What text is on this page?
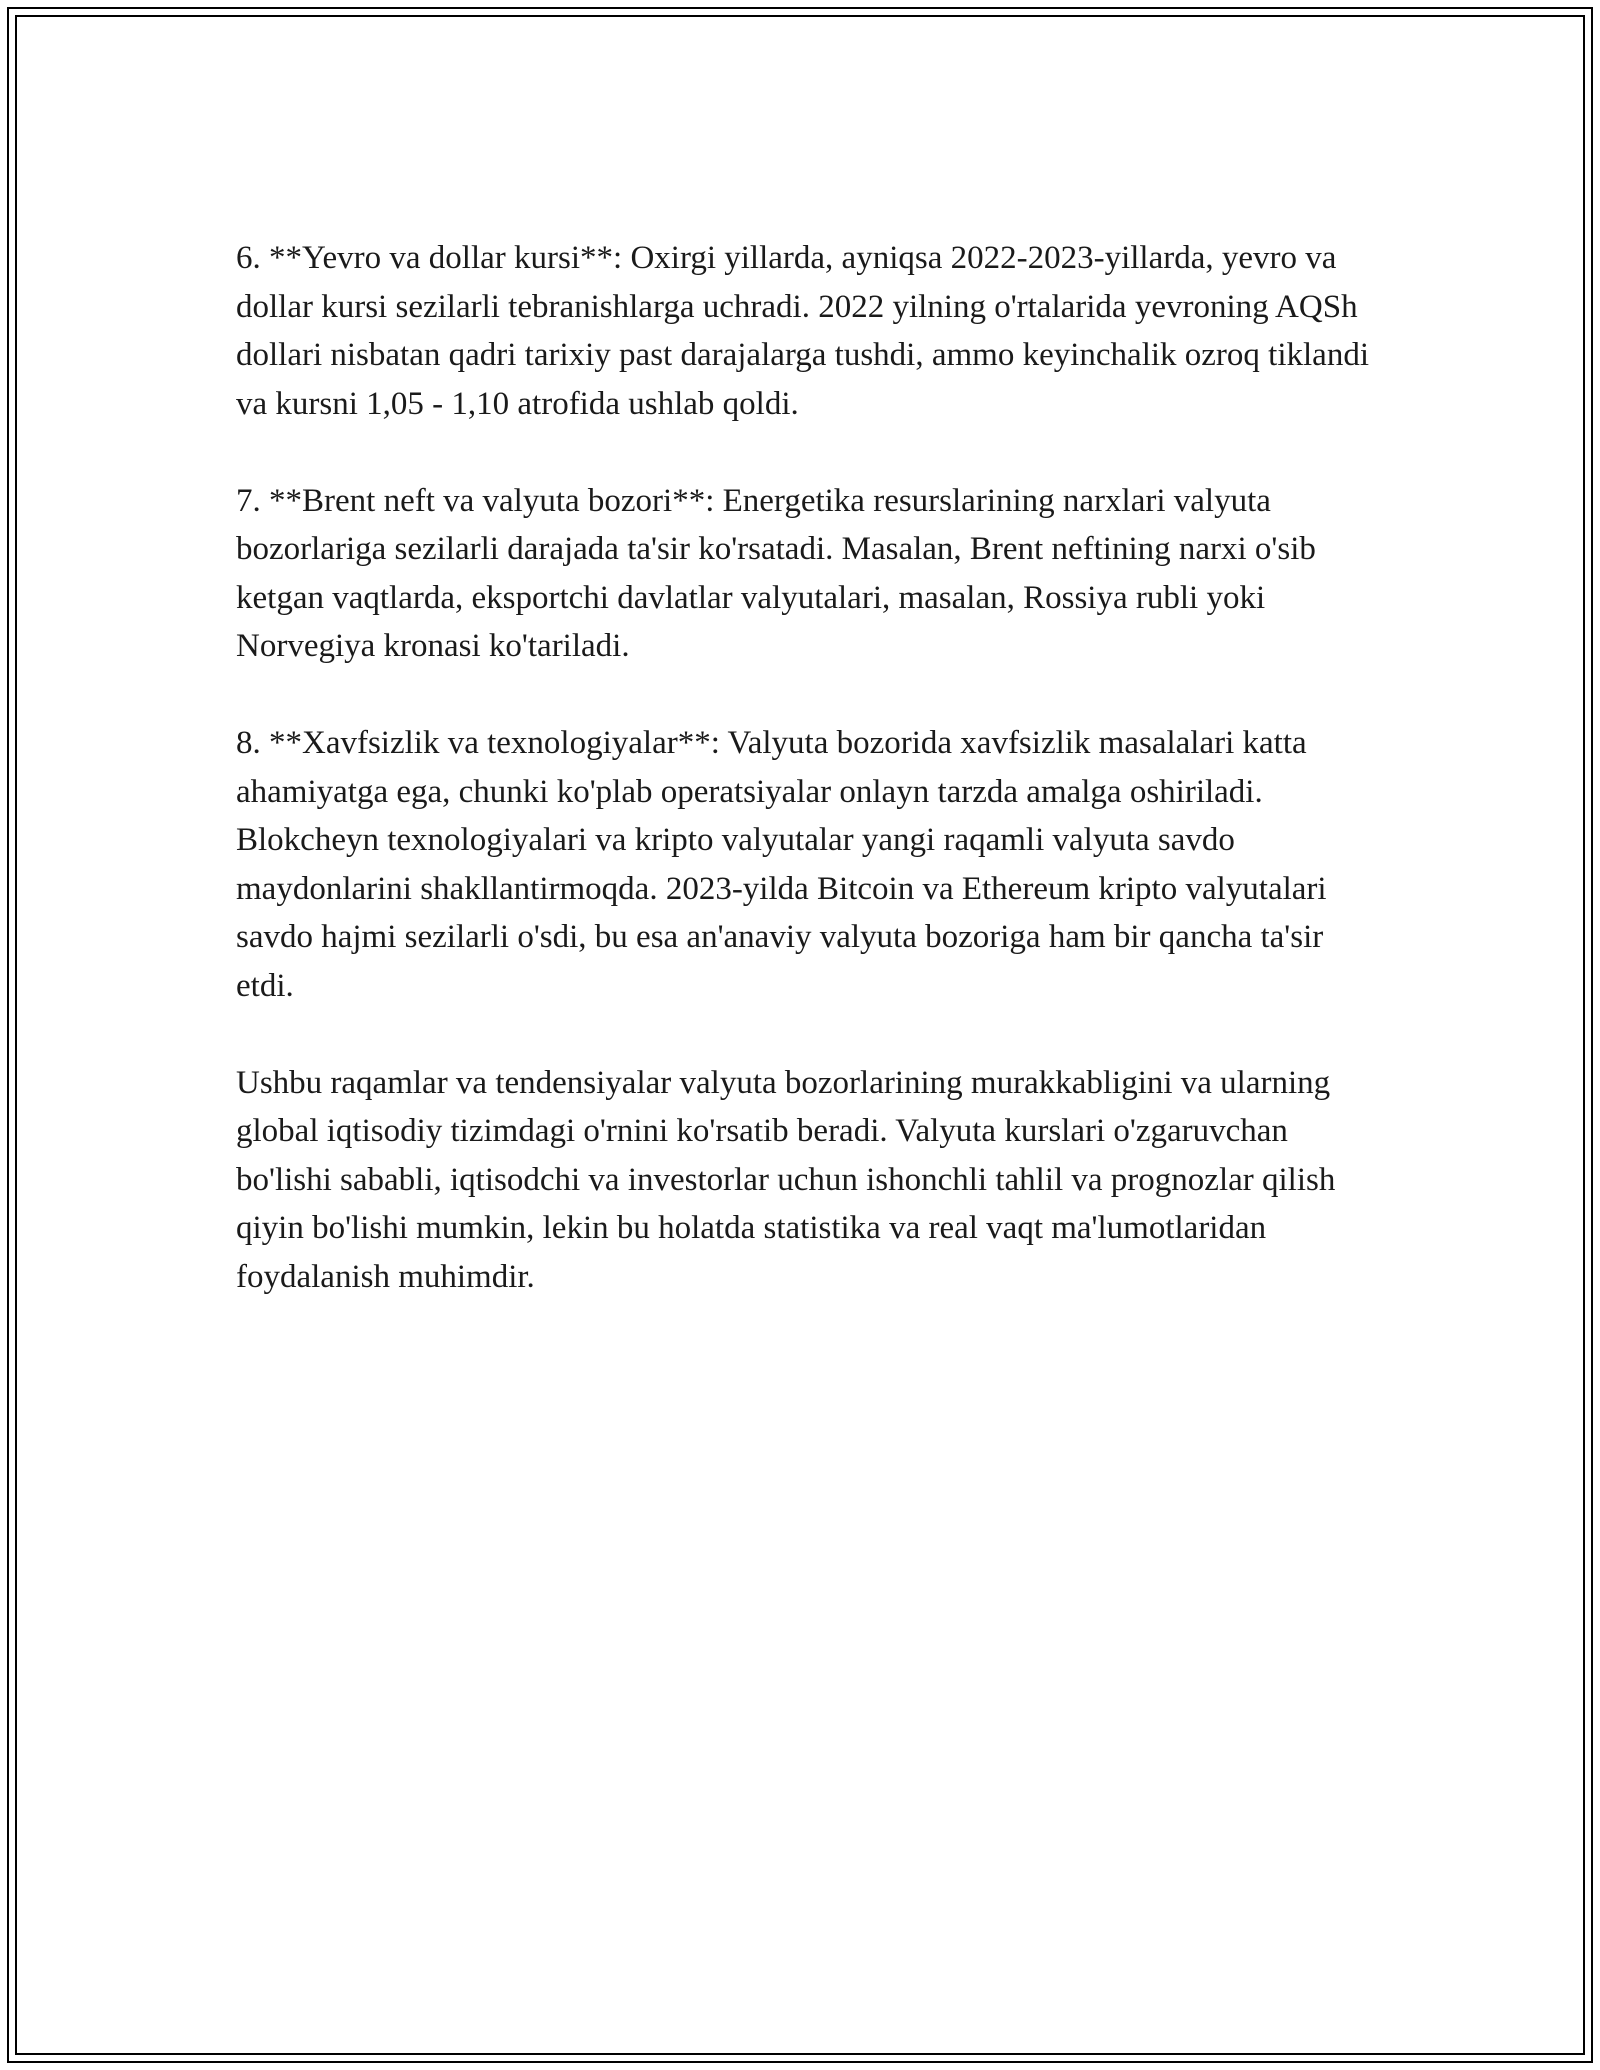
6. **Yevro va dollar kursi**: Oxirgi yillarda, ayniqsa 2022-2023-yillarda, yevro va dollar kursi sezilarli tebranishlarga uchradi. 2022 yilning o'rtalarida yevroning AQSh dollari nisbatan qadri tarixiy past darajalarga tushdi, ammo keyinchalik ozroq tiklandi va kursni 1,05 - 1,10 atrofida ushlab qoldi.

7. **Brent neft va valyuta bozori**: Energetika resurslarining narxlari valyuta bozorlariga sezilarli darajada ta'sir ko'rsatadi. Masalan, Brent neftining narxi o'sib ketgan vaqtlarda, eksportchi davlatlar valyutalari, masalan, Rossiya rubli yoki Norvegiya kronasi ko'tariladi.

8. **Xavfsizlik va texnologiyalar**: Valyuta bozorida xavfsizlik masalalari katta ahamiyatga ega, chunki ko'plab operatsiyalar onlayn tarzda amalga oshiriladi. Blokcheyn texnologiyalari va kripto valyutalar yangi raqamli valyuta savdo maydonlarini shakllantirmoqda. 2023-yilda Bitcoin va Ethereum kripto valyutalari savdo hajmi sezilarli o'sdi, bu esa an'anaviy valyuta bozoriga ham bir qancha ta'sir etdi.

Ushbu raqamlar va tendensiyalar valyuta bozorlarining murakkabligini va ularning global iqtisodiy tizimdagi o'rnini ko'rsatib beradi. Valyuta kurslari o'zgaruvchan bo'lishi sababli, iqtisodchi va investorlar uchun ishonchli tahlil va prognozlar qilish qiyin bo'lishi mumkin, lekin bu holatda statistika va real vaqt ma'lumotlaridan foydalanish muhimdir.
